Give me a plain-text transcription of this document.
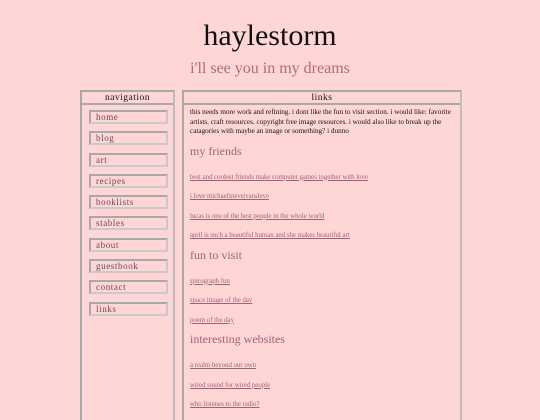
haylestorm
i'll see you in my dreams
navigation
home
blog
art
recipes
booklists
stables
about
guestbook
contact
links
links

this needs more work and refining. i dont like the fun to visit section. i would like: favorite artists. craft resources. copyright free image resources. i would also like to break up the catagories with maybe an image or something? i dunno

my friends
best and coolest friends make computer games together with love
i love michael|steve|vansleve
lucas is one of the best people in the whole world
april is such a beautiful human and she makes beautiful art
fun to visit
spirograph fun
space image of the day
poem of the day
interesting websites
a realm beyond our own
wired sound for wired people
who listenes to the radio?
